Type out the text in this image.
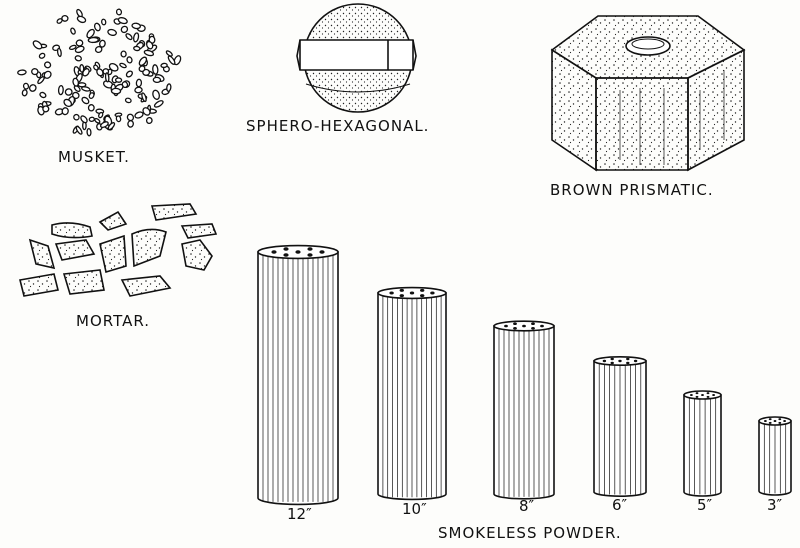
MUSKET.
SPHERO-HEXAGONAL.
BROWN PRISMATIC.
MORTAR.
SMOKELESS POWDER.
12″	10″	8″	6″	5″	3″
